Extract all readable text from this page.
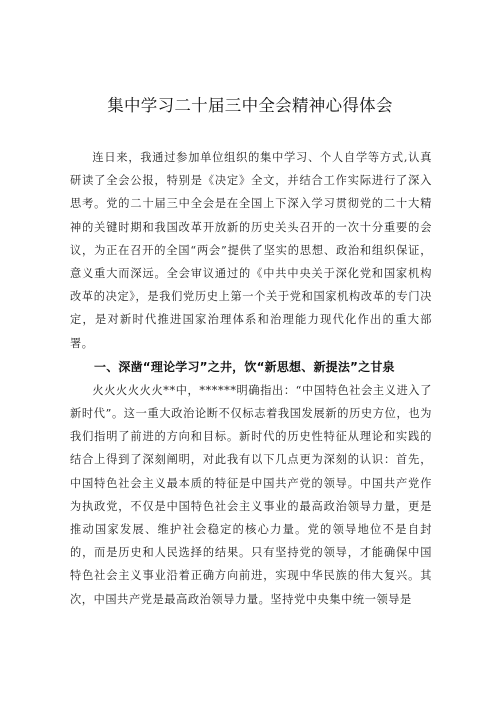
集中学习二十届三中全会精神心得体会

连日来，我通过参加单位组织的集中学习、个人自学等方式,认真研读了全会公报，特别是《决定》全文，并结合工作实际进行了深入思考。党的二十届三中全会是在全国上下深入学习贯彻党的二十大精神的关键时期和我国改革开放新的历史关头召开的一次十分重要的会议，为正在召开的全国“两会”提供了坚实的思想、政治和组织保证，意义重大而深远。全会审议通过的《中共中央关于深化党和国家机构改革的决定》，是我们党历史上第一个关于党和国家机构改革的专门决定，是对新时代推进国家治理体系和治理能力现代化作出的重大部署。

一、深凿“理论学习”之井，饮“新思想、新提法”之甘泉

火火火火火火**中，******明确指出：“中国特色社会主义进入了新时代”。这一重大政治论断不仅标志着我国发展新的历史方位，也为我们指明了前进的方向和目标。新时代的历史性特征从理论和实践的结合上得到了深刻阐明，对此我有以下几点更为深刻的认识：首先，中国特色社会主义最本质的特征是中国共产党的领导。中国共产党作为执政党，不仅是中国特色社会主义事业的最高政治领导力量，更是推动国家发展、维护社会稳定的核心力量。党的领导地位不是自封的，而是历史和人民选择的结果。只有坚持党的领导，才能确保中国特色社会主义事业沿着正确方向前进，实现中华民族的伟大复兴。其次，中国共产党是最高政治领导力量。坚持党中央集中统一领导是
